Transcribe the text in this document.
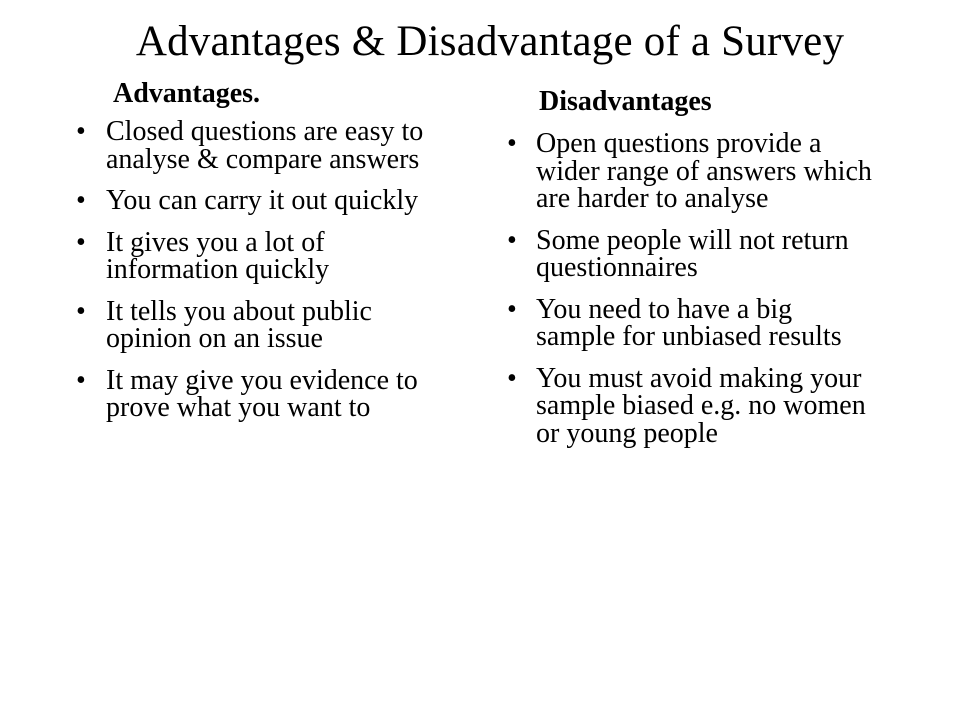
Advantages & Disadvantage of a Survey
Advantages.
• Closed questions are easy to analyse & compare answers
• You can carry it out quickly
• It gives you a lot of information quickly
• It tells you about public opinion on an issue
• It may give you evidence to prove what you want to
Disadvantages
• Open questions provide a wider range of answers which are harder to analyse
• Some people will not return questionnaires
• You need to have a big sample for unbiased results
• You must avoid making your sample biased e.g. no women or young people
